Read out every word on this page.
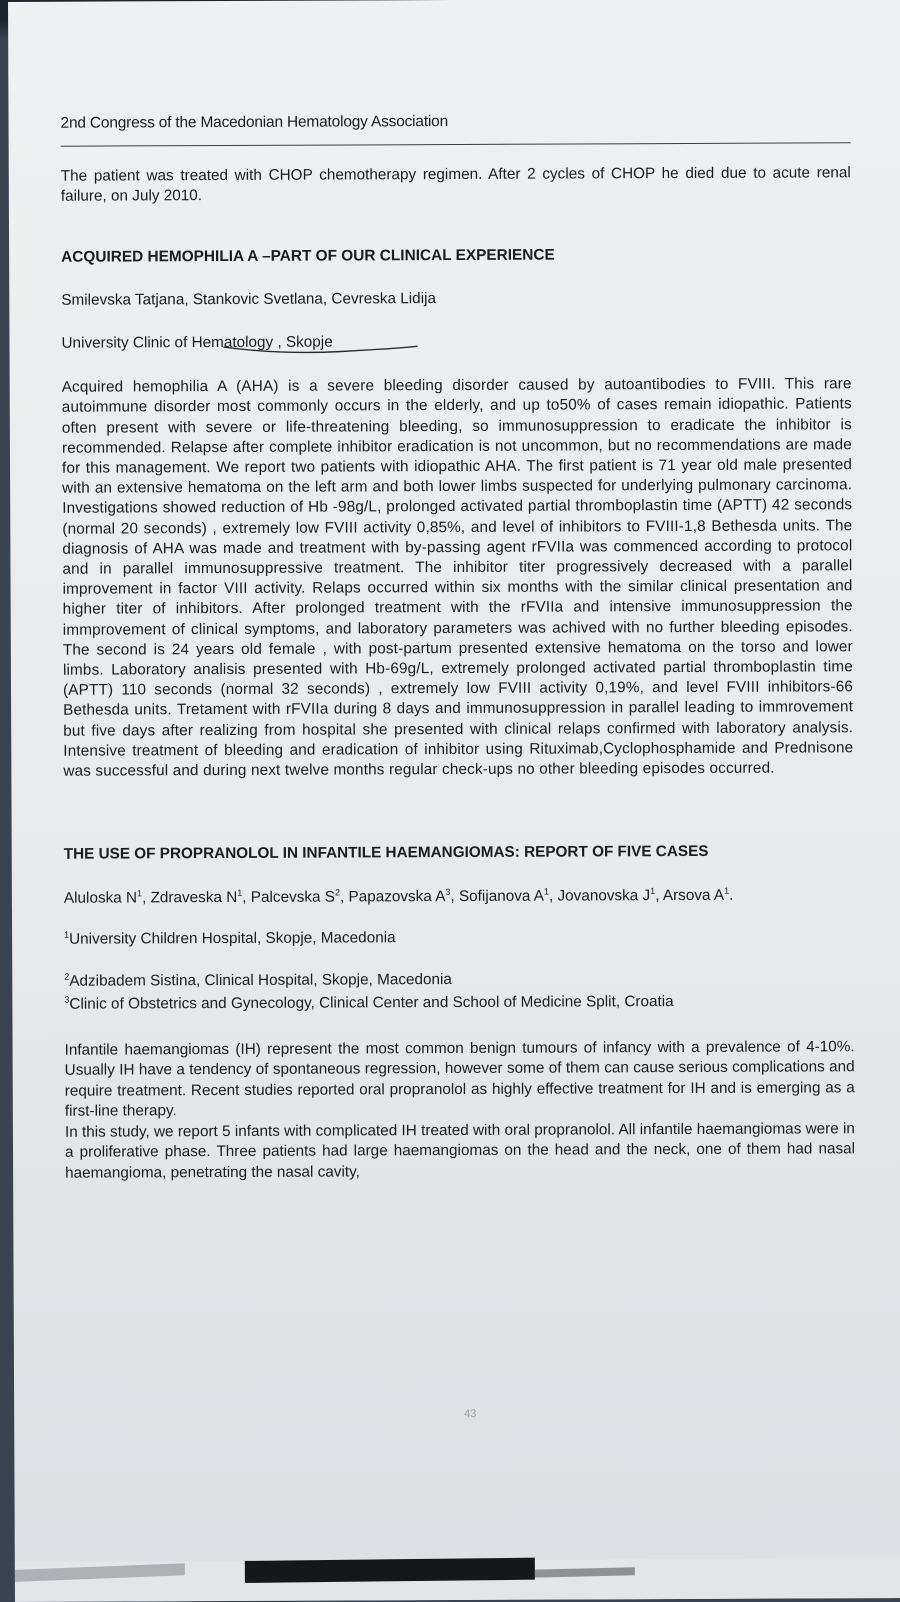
2nd Congress of the Macedonian Hematology Association

The patient was treated with CHOP chemotherapy regimen. After 2 cycles of CHOP he died due to acute renal failure, on July 2010.

ACQUIRED HEMOPHILIA A –PART OF OUR CLINICAL EXPERIENCE

Smilevska Tatjana, Stankovic Svetlana, Cevreska Lidija

University Clinic of Hematology , Skopje

Acquired hemophilia A (AHA) is a severe bleeding disorder caused by autoantibodies to FVIII. This rare autoimmune disorder most commonly occurs in the elderly, and up to50% of cases remain idiopathic. Patients often present with severe or life-threatening bleeding, so immunosuppression to eradicate the inhibitor is recommended. Relapse after complete inhibitor eradication is not uncommon, but no recommendations are made for this management. We report two patients with idiopathic AHA. The first patient is 71 year old male presented with an extensive hematoma on the left arm and both lower limbs suspected for underlying pulmonary carcinoma. Investigations showed reduction of Hb -98g/L, prolonged activated partial thromboplastin time (APTT) 42 seconds (normal 20 seconds) , extremely low FVIII activity 0,85%, and level of inhibitors to FVIII-1,8 Bethesda units. The diagnosis of AHA was made and treatment with by-passing agent rFVIIa was commenced according to protocol and in parallel immunosuppressive treatment. The inhibitor titer progressively decreased with a parallel improvement in factor VIII activity. Relaps occurred within six months with the similar clinical presentation and higher titer of inhibitors. After prolonged treatment with the rFVIIa and intensive immunosuppression the immprovement of clinical symptoms, and laboratory parameters was achived with no further bleeding episodes. The second is 24 years old female , with post-partum presented extensive hematoma on the torso and lower limbs. Laboratory analisis presented with Hb-69g/L, extremely prolonged activated partial thromboplastin time (APTT) 110 seconds (normal 32 seconds) , extremely low FVIII activity 0,19%, and level FVIII inhibitors-66 Bethesda units. Tretament with rFVIIa during 8 days and immunosuppression in parallel leading to immrovement but five days after realizing from hospital she presented with clinical relaps confirmed with laboratory analysis. Intensive treatment of bleeding and eradication of inhibitor using Rituximab,Cyclophosphamide and Prednisone was successful and during next twelve months regular check-ups no other bleeding episodes occurred.

THE USE OF PROPRANOLOL IN INFANTILE HAEMANGIOMAS: REPORT OF FIVE CASES

Aluloska $N^1$, Zdraveska $N^1$, Palcevska $S^2$, Papazovska $A^3$, Sofijanova $A^1$, Jovanovska $J^1$, Arsova $A^1$.

$^1$University Children Hospital, Skopje, Macedonia

$^2$Adzibadem Sistina, Clinical Hospital, Skopje, Macedonia

$^3$Clinic of Obstetrics and Gynecology, Clinical Center and School of Medicine Split, Croatia

Infantile haemangiomas (IH) represent the most common benign tumours of infancy with a prevalence of 4-10%. Usually IH have a tendency of spontaneous regression, however some of them can cause serious complications and require treatment. Recent studies reported oral propranolol as highly effective treatment for IH and is emerging as a first-line therapy.

In this study, we report 5 infants with complicated IH treated with oral propranolol. All infantile haemangiomas were in a proliferative phase. Three patients had large haemangiomas on the head and the neck, one of them had nasal haemangioma, penetrating the nasal cavity,

43
